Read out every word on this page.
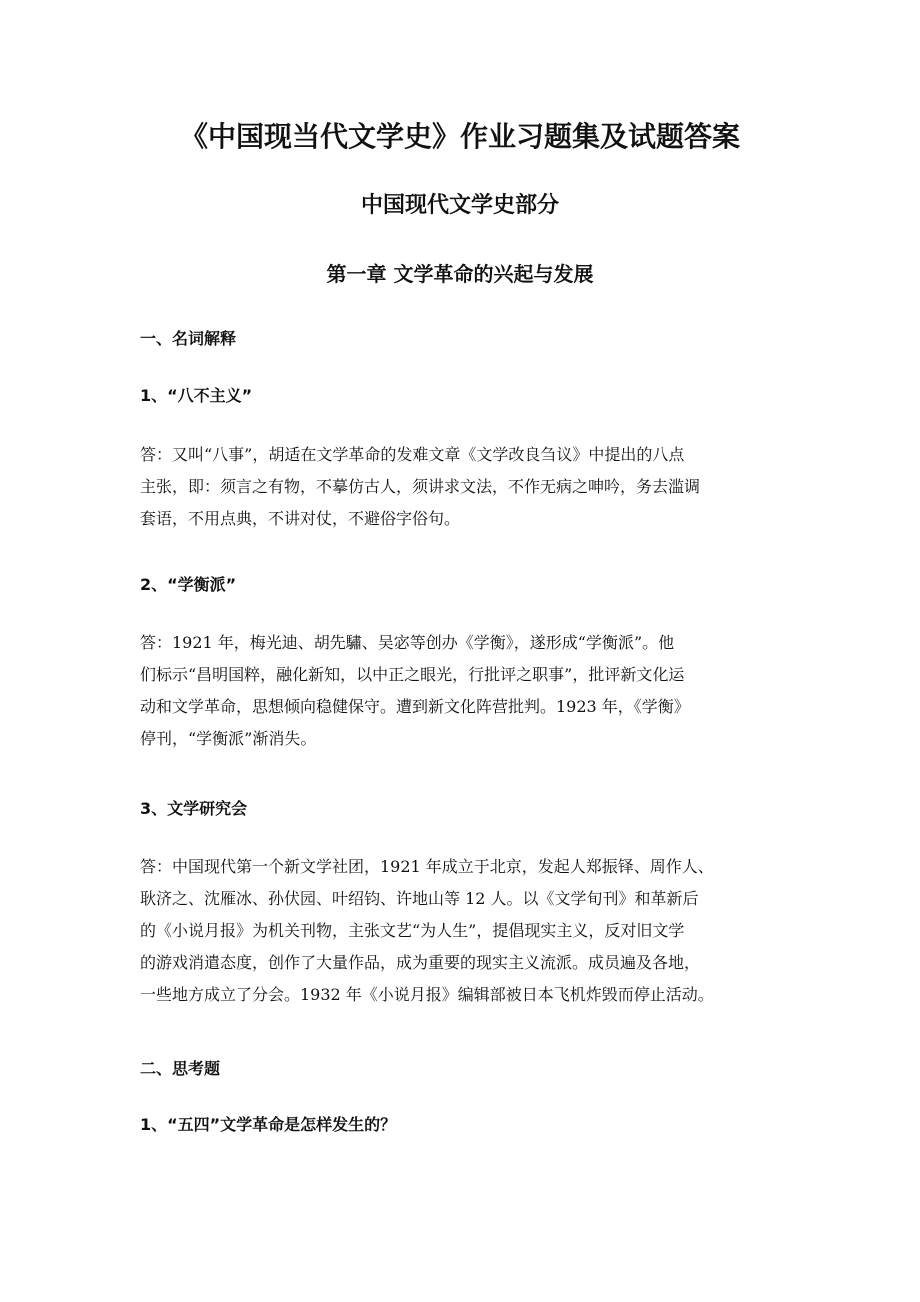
《中国现当代文学史》作业习题集及试题答案
中国现代文学史部分
第一章 文学革命的兴起与发展
一、名词解释
1、“八不主义”
答：又叫“八事”，胡适在文学革命的发难文章《文学改良刍议》中提出的八点
主张，即：须言之有物，不摹仿古人，须讲求文法，不作无病之呻吟，务去滥调
套语，不用点典，不讲对仗，不避俗字俗句。
2、“学衡派”
答：1921 年，梅光迪、胡先驌、吴宓等创办《学衡》，遂形成“学衡派”。他
们标示“昌明国粹，融化新知，以中正之眼光，行批评之职事”，批评新文化运
动和文学革命，思想倾向稳健保守。遭到新文化阵营批判。1923 年，《学衡》
停刊，“学衡派”渐消失。
3、文学研究会
答：中国现代第一个新文学社团，1921 年成立于北京，发起人郑振铎、周作人、
耿济之、沈雁冰、孙伏园、叶绍钧、许地山等 12 人。以《文学旬刊》和革新后
的《小说月报》为机关刊物，主张文艺“为人生”，提倡现实主义，反对旧文学
的游戏消遣态度，创作了大量作品，成为重要的现实主义流派。成员遍及各地，
一些地方成立了分会。1932 年《小说月报》编辑部被日本飞机炸毁而停止活动。
二、思考题
1、“五四”文学革命是怎样发生的？
